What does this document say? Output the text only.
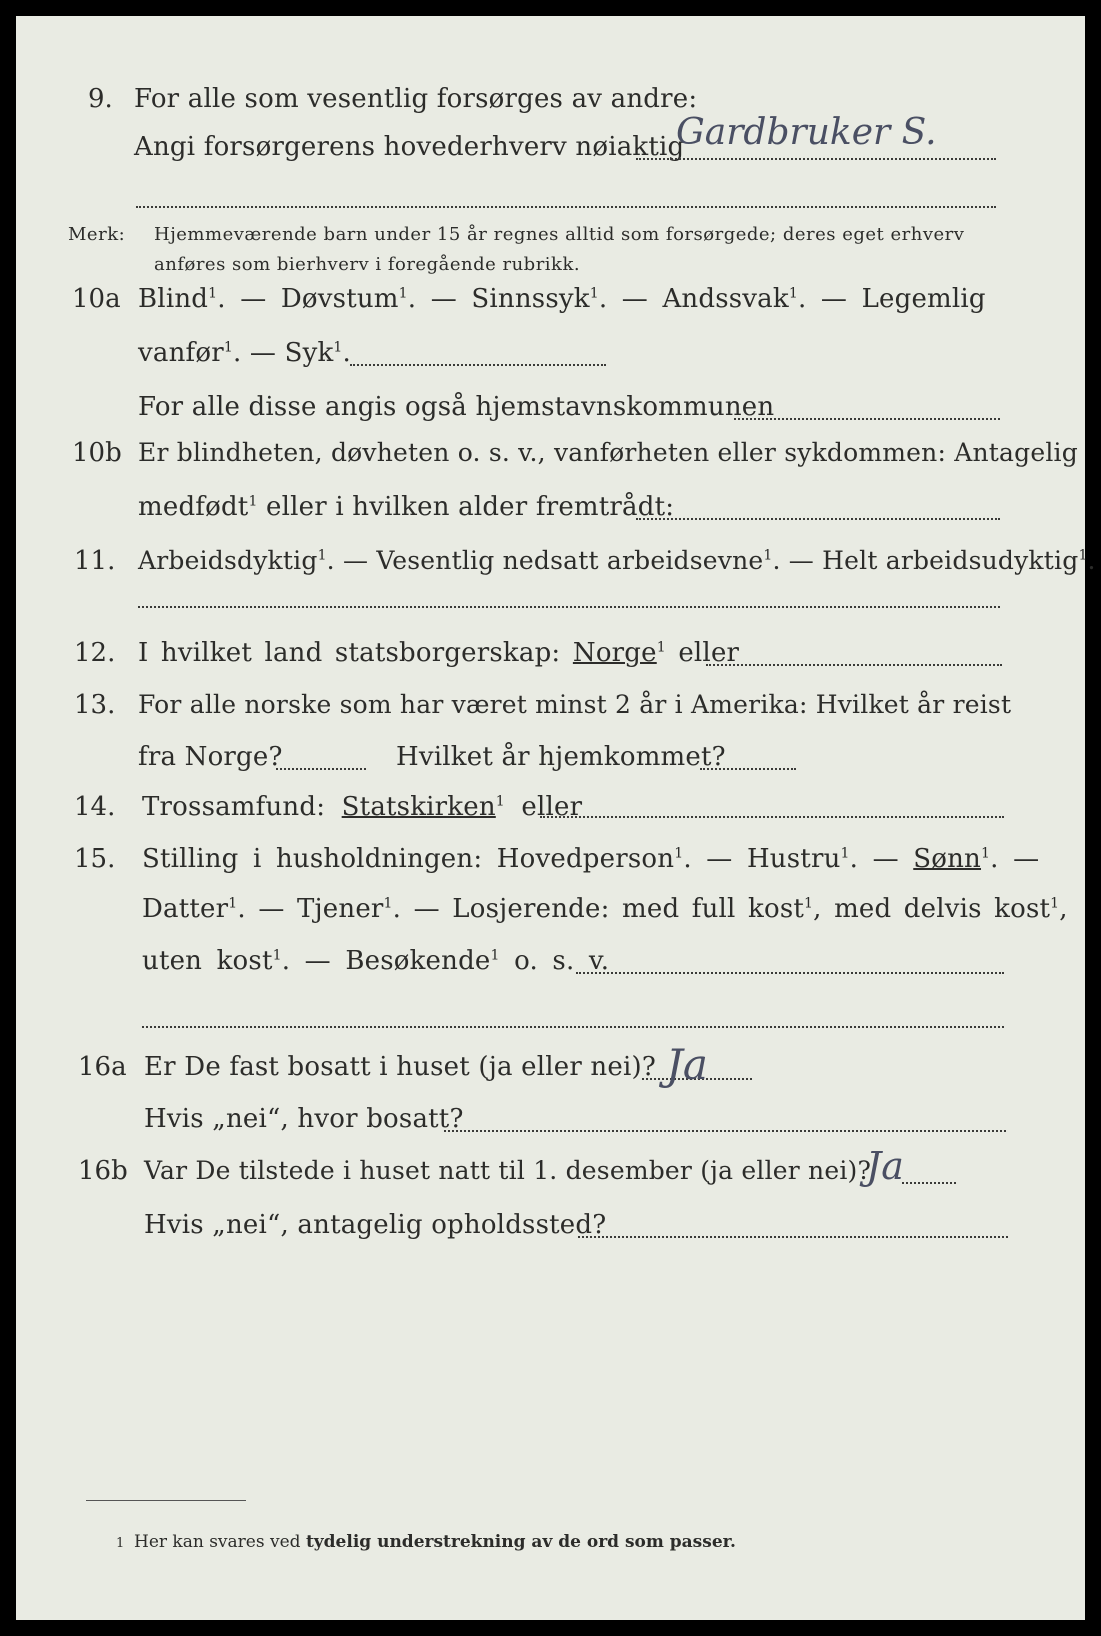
9. For alle som vesentlig forsørges av andre:
Angi forsørgerens hovederhverv nøiaktig
Gardbruker S.
Merk: Hjemmeværende barn under 15 år regnes alltid som forsørgede; deres eget erhverv
anføres som bierhverv i foregående rubrikk.
10a Blind$^1$. — Døvstum$^1$. — Sinnssyk$^1$. — Andssvak$^1$. — Legemlig
vanfør$^1$. — Syk$^1$.
For alle disse angis også hjemstavnskommunen
10b Er blindheten, døvheten o. s. v., vanførheten eller sykdommen: Antagelig
medfødt$^1$ eller i hvilken alder fremtrådt:
11. Arbeidsdyktig$^1$. — Vesentlig nedsatt arbeidsevne$^1$. — Helt arbeidsudyktig$^1$.
12. I hvilket land statsborgerskap: Norge$^1$ eller
13. For alle norske som har været minst 2 år i Amerika: Hvilket år reist
fra Norge?	Hvilket år hjemkommet?
14. Trossamfund: Statskirken$^1$ eller
15. Stilling i husholdningen: Hovedperson$^1$. — Hustru$^1$. — Sønn$^1$. —
Datter$^1$. — Tjener$^1$. — Losjerende: med full kost$^1$, med delvis kost$^1$,
uten kost$^1$. — Besøkende$^1$ o. s. v.
16a Er De fast bosatt i huset (ja eller nei)? Ja
Hvis „nei“, hvor bosatt?
16b Var De tilstede i huset natt til 1. desember (ja eller nei)?
Ja
Hvis „nei“, antagelig opholdssted?
1 Her kan svares ved tydelig understrekning av de ord som passer.
